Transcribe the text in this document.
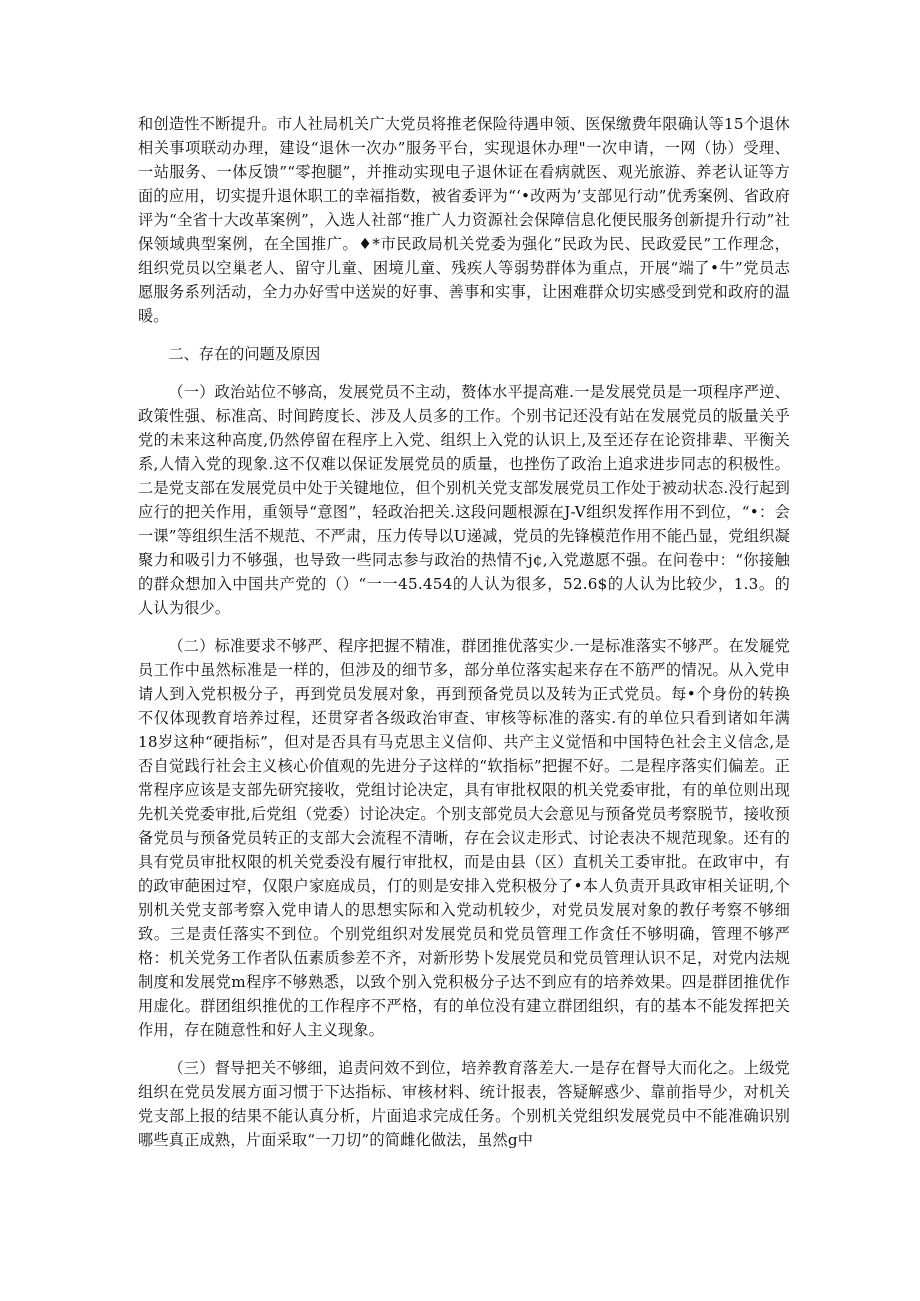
和创造性不断提升。市人社局机关广大党员将推老保险待遇申领、医保缴费年限确认等15个退休相关事项联动办理，建设“退休一次办”服务平台，实现退休办理"一次申请，一网（协）受理、一站服务、一体反馈”“零抱腿”，并推动实现电子退休证在看病就医、观光旅游、养老认证等方面的应用，切实提升退休职工的幸福指数，被省委评为“‘•改两为’支部见行动”优秀案例、省政府评为“全省十大改革案例”，入选人社部“推广人力资源社会保障信息化便民服务创新提升行动”社保领域典型案例，在全国推广。♦*市民政局机关党委为强化“民政为民、民政爱民”工作理念，组织党员以空巢老人、留守儿童、困境儿童、残疾人等弱势群体为重点，开展“端了•牛”党员志愿服务系列活动，全力办好雪中送炭的好事、善事和实事，让困难群众切实感受到党和政府的温暖。

二、存在的问题及原因

（一）政治站位不够高，发展党员不主动，赘体水平提高难.一是发展党员是一项程序严逆、政策性强、标准高、时间跨度长、涉及人员多的工作。个别书记还没有站在发展党员的版量关乎党的未来这种高度,仍然停留在程序上入党、组织上入党的认识上,及至还存在论资排辈、平衡关系,人情入党的现象.这不仅难以保证发展党员的质量，也挫伤了政治上追求进步同志的积极性。二是党支部在发展党员中处于关键地位，但个别机关党支部发展党员工作处于被动状态.没行起到应行的把关作用，重领导“意图”，轻政治把关.这段问题根源在J-V组织发挥作用不到位，“•：会一课”等组织生活不规范、不严肃，压力传导以U递减，党员的先锋模范作用不能凸显，党组织凝聚力和吸引力不够强，也导致一些同志参与政治的热情不j¢,入党遨愿不强。在问卷中：“你接触的群众想加入中国共产党的（）“一一45.454的人认为很多，52.6$的人认为比较少，1.3。的人认为很少。

（二）标准要求不够严、程序把握不精准，群团推优落实少.一是标准落实不够严。在发屣党员工作中虽然标准是一样的，但涉及的细节多，部分单位落实起来存在不筋严的情况。从入党申请人到入党枳极分子，再到党员发展对象，再到预备党员以及转为正式党员。每•个身份的转换不仅体现教育培养过程，还贯穿者各级政治审查、审核等标准的落实.有的单位只看到诸如年满18岁这种“硬指标”，但对是否具有马克思主义信仰、共产主义觉悟和中国特色社会主义信念,是否自觉践行社会主义核心价值观的先进分子这样的“软指标”把握不好。二是程序落实们偏差。正常程序应该是支部先研究接收，党组讨论决定，具有审批权限的机关党委审批，有的单位则出现先机关党委审批,后党组（党委）讨论决定。个别支部党员大会意见与预备党员考察脱节，接收预备党员与预备党员转正的支部大会流程不清晰，存在会议走形式、讨论表决不规范现象。还有的具有党员审批权限的机关党委没有履行审批权，而是由县（区）直机关工委审批。在政审中，有的政审葩困过窄，仅限户家庭成员，仃的则是安排入党积极分了•本人负责开具政审相关证明,个别机关党支部考察入党申请人的思想实际和入党动机较少，对党员发展对象的教仔考察不够细致。三是责任落实不到位。个别党组织对发展党员和党员管理工作贪任不够明确，管理不够严格：机关党务工作者队伍素质参差不齐，对新形势卜发展党员和党员管理认识不足，对党内法规制度和发展党m程序不够熟悉，以致个别入党积极分子达不到应有的培养效果。四是群团推优作用虚化。群团组织推优的工作程序不严格，有的单位没有建立群团组织，有的基本不能发挥把关作用，存在随意性和好人主义现象。

（三）督导把关不够细，追责问效不到位，培养教育落差大.一是存在督导大而化之。上级党组织在党员发展方面习惯于下达指标、审核材料、统计报表，答疑解惑少、靠前指导少，对机关党支部上报的结果不能认真分析，片面追求完成任务。个别机关党组织发展党员中不能准确识别哪些真正成熟，片面采取“一刀切”的简雌化做法，虽然g中
